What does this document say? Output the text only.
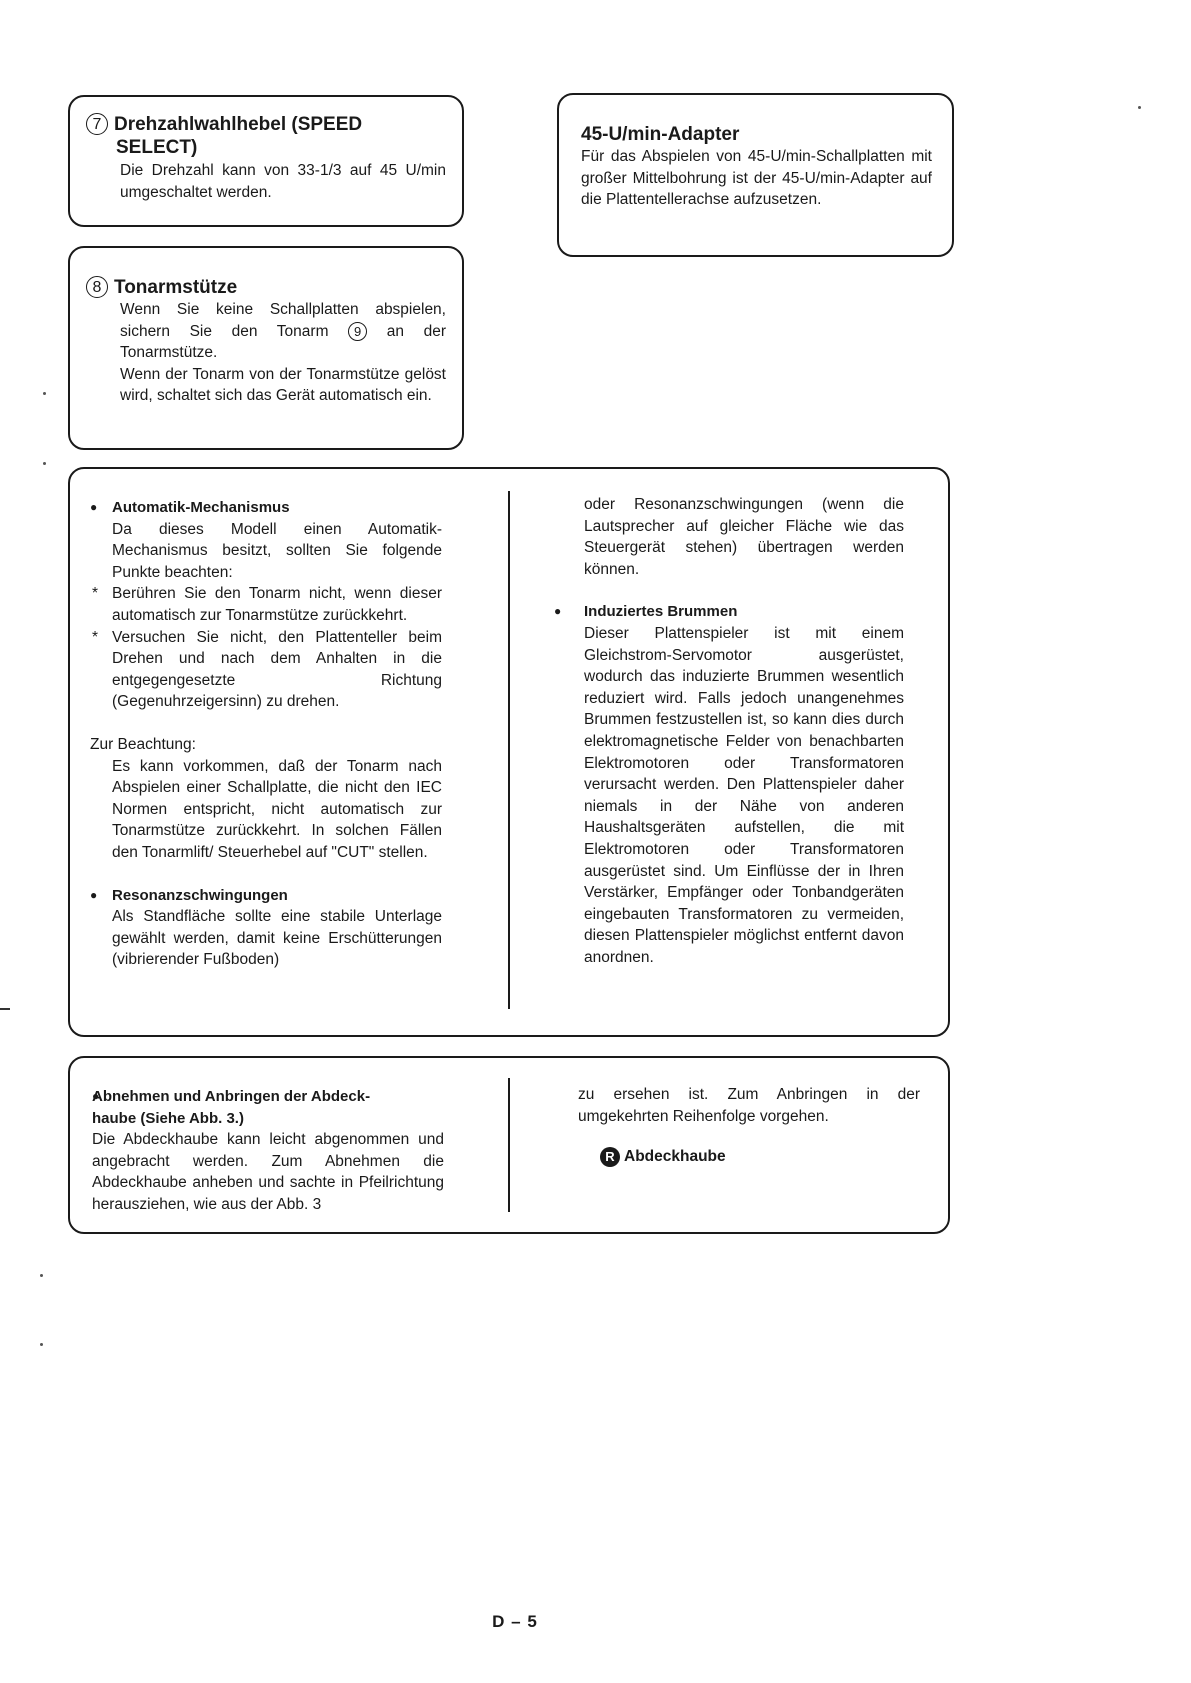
7 Drehzahlwahlhebel (SPEED

SELECT)

Die Drehzahl kann von 33-1/3 auf 45 U/min umgeschaltet werden.

45-U/min-Adapter

Für das Abspielen von 45-U/min-Schallplatten mit großer Mittelbohrung ist der 45-U/min-Adapter auf die Plattentellerachse aufzusetzen.

8 Tonarmstütze

Wenn Sie keine Schallplatten abspielen, sichern Sie den Tonarm 9 an der Tonarmstütze.

Wenn der Tonarm von der Tonarmstütze gelöst wird, schaltet sich das Gerät automatisch ein.

● Automatik-Mechanismus

Da dieses Modell einen Automatik-Mechanismus besitzt, sollten Sie folgende Punkte beachten:

* Berühren Sie den Tonarm nicht, wenn dieser automatisch zur Tonarmstütze zurückkehrt.

* Versuchen Sie nicht, den Plattenteller beim Drehen und nach dem Anhalten in die entgegengesetzte Richtung (Gegenuhrzeigersinn) zu drehen.

Zur Beachtung:

Es kann vorkommen, daß der Tonarm nach Abspielen einer Schallplatte, die nicht den IEC Normen entspricht, nicht automatisch zur Tonarmstütze zurückkehrt. In solchen Fällen den Tonarmlift/ Steuerhebel auf "CUT" stellen.

● Resonanzschwingungen

Als Standfläche sollte eine stabile Unterlage gewählt werden, damit keine Erschütterungen (vibrierender Fußboden)

oder Resonanzschwingungen (wenn die Lautsprecher auf gleicher Fläche wie das Steuergerät stehen) übertragen werden können.

● Induziertes Brummen

Dieser Plattenspieler ist mit einem Gleichstrom-Servomotor ausgerüstet, wodurch das induzierte Brummen wesentlich reduziert wird. Falls jedoch unangenehmes Brummen festzustellen ist, so kann dies durch elektromagnetische Felder von benachbarten Elektromotoren oder Transformatoren verursacht werden. Den Plattenspieler daher niemals in der Nähe von anderen Haushaltsgeräten aufstellen, die mit Elektromotoren oder Transformatoren ausgerüstet sind. Um Einflüsse der in Ihren Verstärker, Empfänger oder Tonbandgeräten eingebauten Transformatoren zu vermeiden, diesen Plattenspieler möglichst entfernt davon anordnen.

● Abnehmen und Anbringen der Abdeck-
haube (Siehe Abb. 3.)

Die Abdeckhaube kann leicht abgenommen und angebracht werden. Zum Abnehmen die Abdeckhaube anheben und sachte in Pfeilrichtung herausziehen, wie aus der Abb. 3

zu ersehen ist. Zum Anbringen in der umgekehrten Reihenfolge vorgehen.

R Abdeckhaube

D – 5
